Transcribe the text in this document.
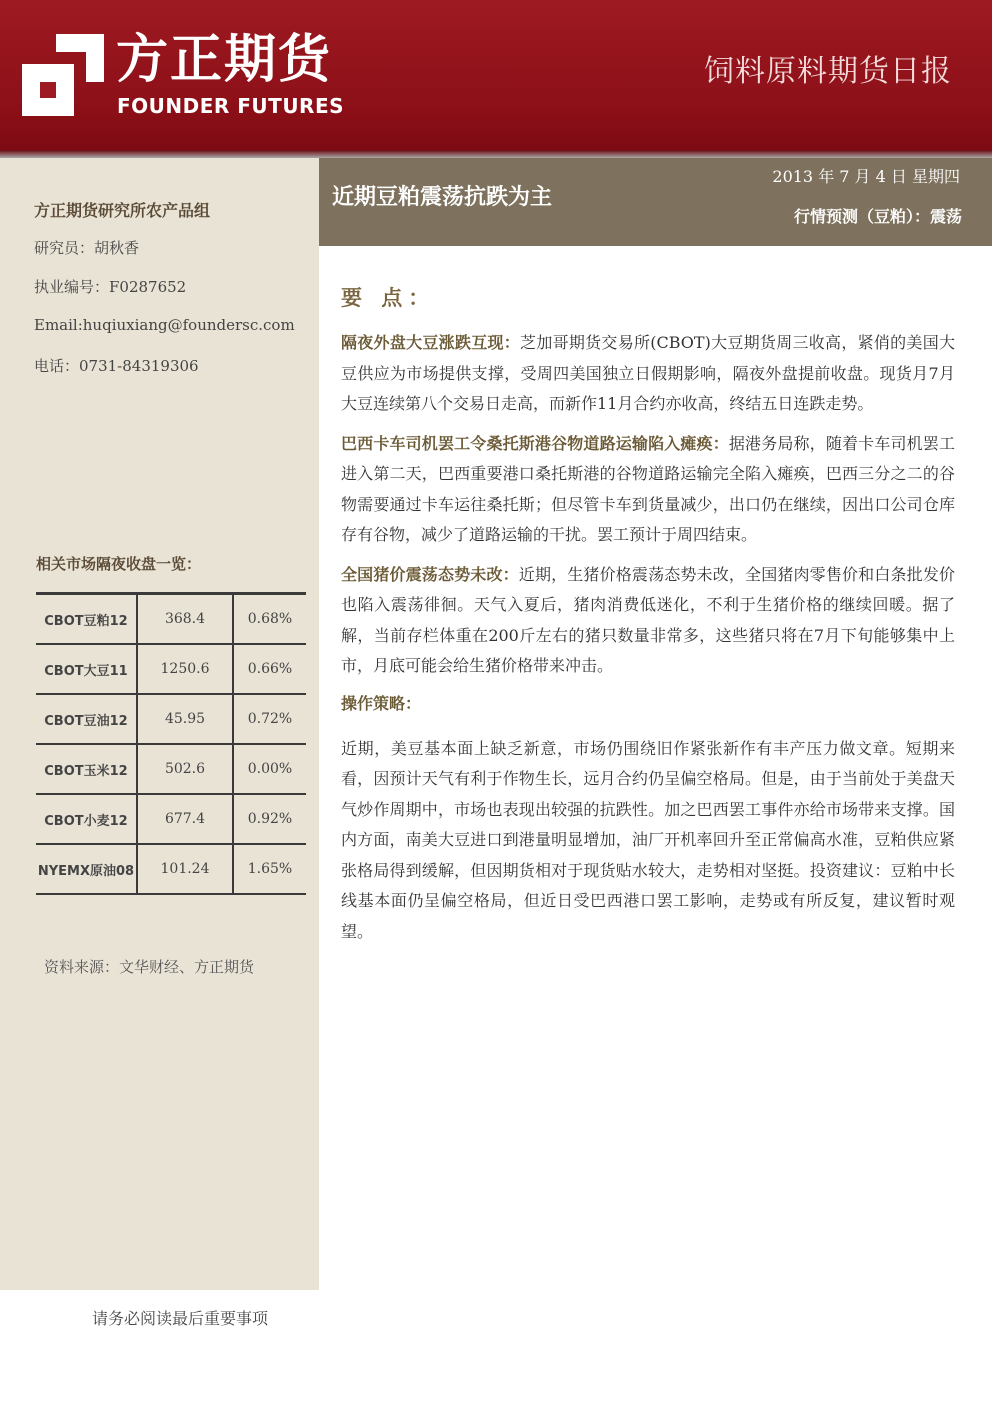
方正期货
FOUNDER FUTURES
饲料原料期货日报
方正期货研究所农产品组
研究员：胡秋香
执业编号：F0287652
Email:huqiuxiang@foundersc.com
电话：0731-84319306
相关市场隔夜收盘一览：
CBOT豆粕12	368.4	0.68%
CBOT大豆11	1250.6	0.66%
CBOT豆油12	45.95	0.72%
CBOT玉米12	502.6	0.00%
CBOT小麦12	677.4	0.92%
NYEMX原油08	101.24	1.65%
资料来源：文华财经、方正期货
请务必阅读最后重要事项
近期豆粕震荡抗跌为主
2013 年 7 月 4 日 星期四
行情预测（豆粕）：震荡
要 点：

隔夜外盘大豆涨跌互现：芝加哥期货交易所(CBOT)大豆期货周三收高，紧俏的美国大豆供应为市场提供支撑，受周四美国独立日假期影响，隔夜外盘提前收盘。现货月7月大豆连续第八个交易日走高，而新作11月合约亦收高，终结五日连跌走势。

巴西卡车司机罢工令桑托斯港谷物道路运输陷入瘫痪：据港务局称，随着卡车司机罢工进入第二天，巴西重要港口桑托斯港的谷物道路运输完全陷入瘫痪，巴西三分之二的谷物需要通过卡车运往桑托斯；但尽管卡车到货量减少，出口仍在继续，因出口公司仓库存有谷物，减少了道路运输的干扰。罢工预计于周四结束。

全国猪价震荡态势未改：近期，生猪价格震荡态势未改，全国猪肉零售价和白条批发价也陷入震荡徘徊。天气入夏后，猪肉消费低迷化，不利于生猪价格的继续回暖。据了解，当前存栏体重在200斤左右的猪只数量非常多，这些猪只将在7月下旬能够集中上市，月底可能会给生猪价格带来冲击。

操作策略：

近期，美豆基本面上缺乏新意，市场仍围绕旧作紧张新作有丰产压力做文章。短期来看，因预计天气有利于作物生长，远月合约仍呈偏空格局。但是，由于当前处于美盘天气炒作周期中，市场也表现出较强的抗跌性。加之巴西罢工事件亦给市场带来支撑。国内方面，南美大豆进口到港量明显增加，油厂开机率回升至正常偏高水准，豆粕供应紧张格局得到缓解，但因期货相对于现货贴水较大，走势相对坚挺。投资建议：豆粕中长线基本面仍呈偏空格局，但近日受巴西港口罢工影响，走势或有所反复，建议暂时观望。
